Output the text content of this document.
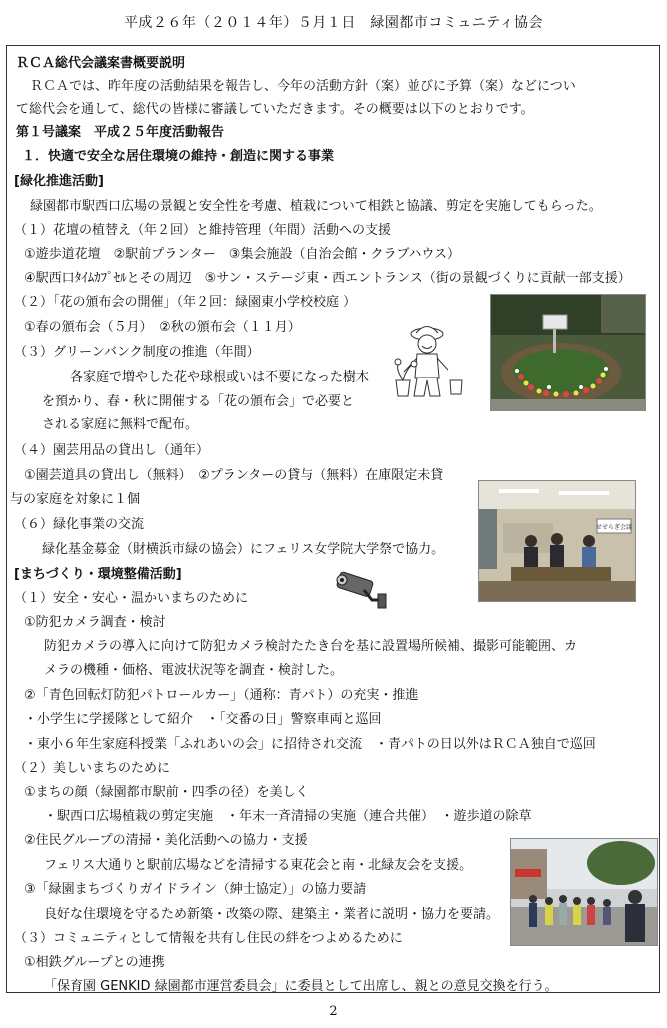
平成２６年（２０１４年）５月１日　緑園都市コミュニティ協会
ＲＣＡ総代会議案書概要説明
ＲＣＡでは、昨年度の活動結果を報告し、今年の活動方針（案）並びに予算（案）などについ
て総代会を通して、総代の皆様に審議していただきます。その概要は以下のとおりです。
第１号議案　平成２５年度活動報告
１．快適で安全な居住環境の維持・創造に関する事業
[緑化推進活動]
緑園都市駅西口広場の景観と安全性を考慮、植栽について相鉄と協議、剪定を実施してもらった。
（１）花壇の植替え（年２回）と維持管理（年間）活動への支援
①遊歩道花壇　②駅前プランター　③集会施設（自治会館・クラブハウス）
④駅西口ﾀｲﾑｶﾌﾟｾﾙとその周辺　⑤サン・ステージ東・西エントランス（街の景観づくりに貢献一部支援）
（２）「花の頒布会の開催」（年２回：緑園東小学校校庭 ）
①春の頒布会（５月）　②秋の頒布会（１１月）
（３）グリーンバンク制度の推進（年間）
各家庭で増やした花や球根或いは不要になった樹木
を預かり、春・秋に開催する「花の頒布会」で必要と
される家庭に無料で配布。
（４）園芸用品の貸出し（通年）
①園芸道具の貸出し（無料）　②プランターの貸与（無料）在庫限定未貸
与の家庭を対象に１個
（６）緑化事業の交流
緑化基金募金（財横浜市緑の協会）にフェリス女学院大学祭で協力。
[まちづくり・環境整備活動]
（１）安全・安心・温かいまちのために
①防犯カメラ調査・検討
防犯カメラの導入に向けて防犯カメラ検討たたき台を基に設置場所候補、撮影可能範囲、カ
メラの機種・価格、電波状況等を調査・検討した。
②「青色回転灯防犯パトロールカー」（通称：青パト）の充実・推進
・小学生に学援隊として紹介　・「交番の日」警察車両と巡回
・東小６年生家庭科授業「ふれあいの会」に招待され交流　・青パトの日以外はＲＣＡ独自で巡回
（２）美しいまちのために
①まちの顔（緑園都市駅前・四季の径）を美しく
・駅西口広場植栽の剪定実施　・年末一斉清掃の実施（連合共催）　・遊歩道の除草
②住民グループの清掃・美化活動への協力・支援
フェリス大通りと駅前広場などを清掃する東花会と南・北緑友会を支援。
③「緑園まちづくりガイドライン（紳士協定）」の協力要請
良好な住環境を守るため新築・改築の際、建築主・業者に説明・協力を要請。
（３）コミュニティとして情報を共有し住民の絆をつよめるために
①相鉄グループとの連携
「保育園 GENKID 緑園都市運営委員会」に委員として出席し、親との意見交換を行う。
せせらぎ会議
2
